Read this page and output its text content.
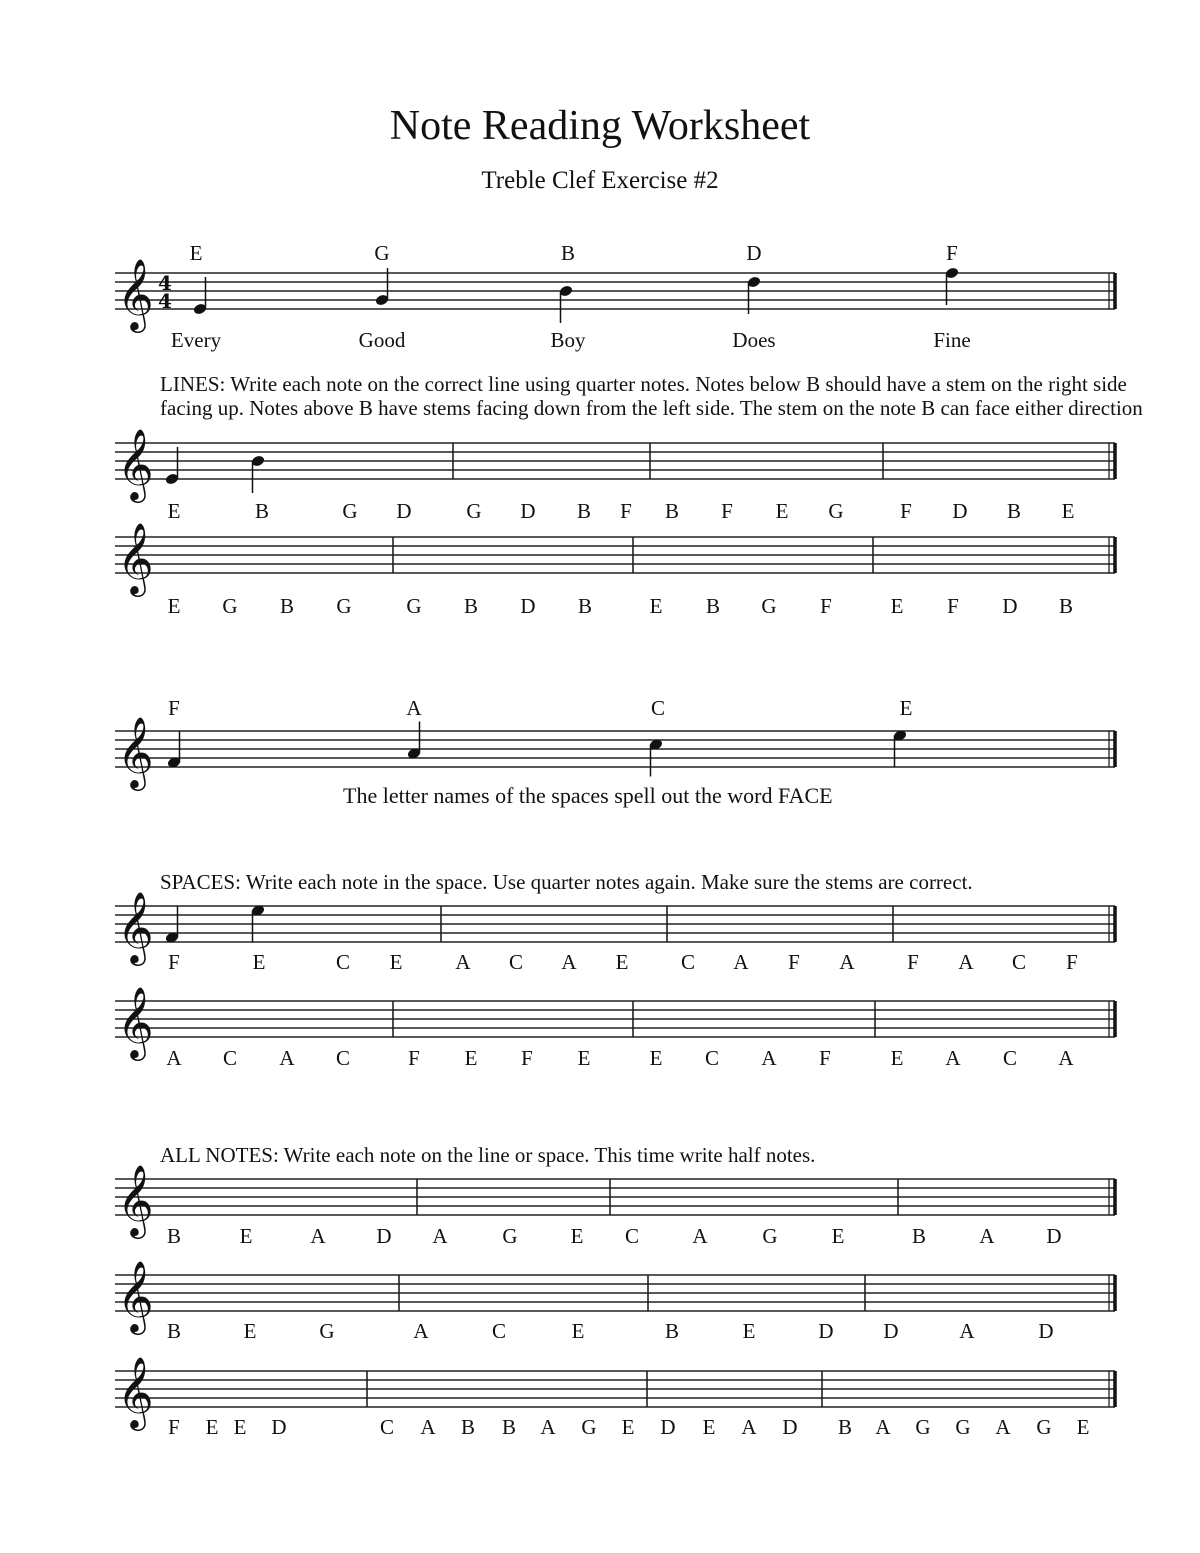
Note Reading Worksheet
Treble Clef Exercise #2
𝄞 4
4
𝄞
𝄞
𝄞
𝄞
𝄞
𝄞
𝄞
𝄞
LINES: Write each note on the correct line using quarter notes. Notes below B should have a stem on the right side facing up. Notes above B have stems facing down from the left side. The stem on the note B can face either direction
The letter names of the spaces spell out the word FACE
SPACES: Write each note in the space. Use quarter notes again. Make sure the stems are correct.
ALL NOTES: Write each note on the line or space. This time write half notes.
E	G	B	D	F
Every	Good	Boy	Does	Fine
E	B	G D	G D B F B F E G	F D B E
E G B G	G B D B	E B G F	E F D B
F	A	C	E
F	E	C E	A C A E	C A F A	F A C F
A C A C	F E F E	E C A F	E A C A
B	E	A D A	G	E C	A	G	E	B	A D
B	E	G	A	C	E	B	E	D D	A	D
F E E D	C A B B A G E D E A D B A G G A G E
